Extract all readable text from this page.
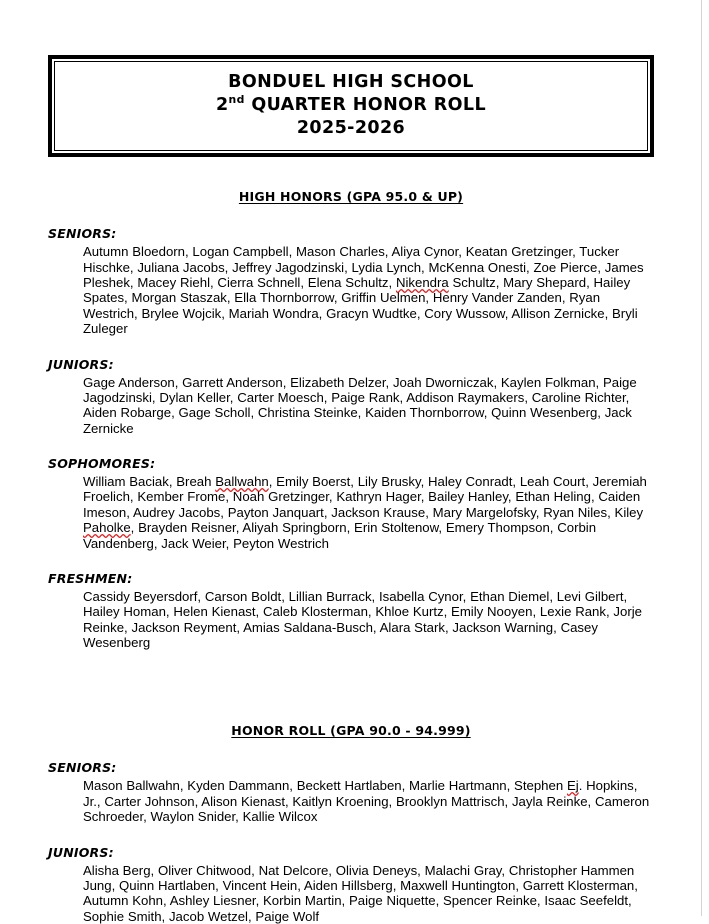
BONDUEL HIGH SCHOOL
2nd QUARTER HONOR ROLL
2025-2026
HIGH HONORS (GPA 95.0 & UP)
SENIORS:

Autumn Bloedorn, Logan Campbell, Mason Charles, Aliya Cynor, Keatan Gretzinger, Tucker Hischke, Juliana Jacobs, Jeffrey Jagodzinski, Lydia Lynch, McKenna Onesti, Zoe Pierce, James Pleshek, Macey Riehl, Cierra Schnell, Elena Schultz, Nikendra Schultz, Mary Shepard, Hailey Spates, Morgan Staszak, Ella Thornborrow, Griffin Uelmen, Henry Vander Zanden, Ryan Westrich, Brylee Wojcik, Mariah Wondra, Gracyn Wudtke, Cory Wussow, Allison Zernicke, Bryli Zuleger

JUNIORS:

Gage Anderson, Garrett Anderson, Elizabeth Delzer, Joah Dworniczak, Kaylen Folkman, Paige Jagodzinski, Dylan Keller, Carter Moesch, Paige Rank, Addison Raymakers, Caroline Richter, Aiden Robarge, Gage Scholl, Christina Steinke, Kaiden Thornborrow, Quinn Wesenberg, Jack Zernicke

SOPHOMORES:

William Baciak, Breah Ballwahn, Emily Boerst, Lily Brusky, Haley Conradt, Leah Court, Jeremiah Froelich, Kember Frome, Noah Gretzinger, Kathryn Hager, Bailey Hanley, Ethan Heling, Caiden Imeson, Audrey Jacobs, Payton Janquart, Jackson Krause, Mary Margelofsky, Ryan Niles, Kiley Paholke, Brayden Reisner, Aliyah Springborn, Erin Stoltenow, Emery Thompson, Corbin Vandenberg, Jack Weier, Peyton Westrich

FRESHMEN:

Cassidy Beyersdorf, Carson Boldt, Lillian Burrack, Isabella Cynor, Ethan Diemel, Levi Gilbert, Hailey Homan, Helen Kienast, Caleb Klosterman, Khloe Kurtz, Emily Nooyen, Lexie Rank, Jorje Reinke, Jackson Reyment, Amias Saldana-Busch, Alara Stark, Jackson Warning, Casey Wesenberg

HONOR ROLL (GPA 90.0 - 94.999)
SENIORS:

Mason Ballwahn, Kyden Dammann, Beckett Hartlaben, Marlie Hartmann, Stephen Ej. Hopkins, Jr., Carter Johnson, Alison Kienast, Kaitlyn Kroening, Brooklyn Mattrisch, Jayla Reinke, Cameron Schroeder, Waylon Snider, Kallie Wilcox

JUNIORS:

Alisha Berg, Oliver Chitwood, Nat Delcore, Olivia Deneys, Malachi Gray, Christopher Hammen Jung, Quinn Hartlaben, Vincent Hein, Aiden Hillsberg, Maxwell Huntington, Garrett Klosterman, Autumn Kohn, Ashley Liesner, Korbin Martin, Paige Niquette, Spencer Reinke, Isaac Seefeldt, Sophie Smith, Jacob Wetzel, Paige Wolf
